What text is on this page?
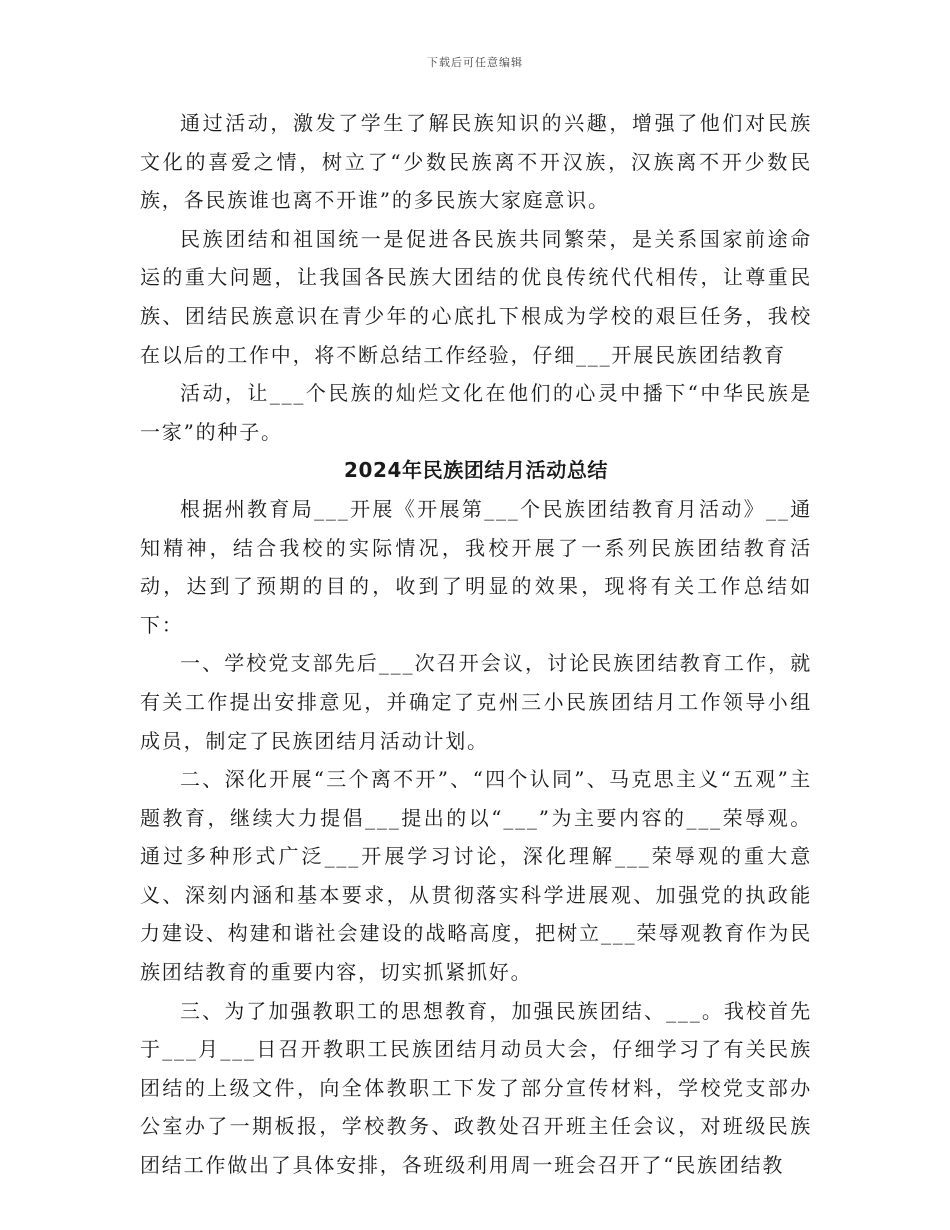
下载后可任意编辑

通过活动，激发了学生了解民族知识的兴趣，增强了他们对民族文化的喜爱之情，树立了“少数民族离不开汉族，汉族离不开少数民族，各民族谁也离不开谁”的多民族大家庭意识。

民族团结和祖国统一是促进各民族共同繁荣，是关系国家前途命运的重大问题，让我国各民族大团结的优良传统代代相传，让尊重民族、团结民族意识在青少年的心底扎下根成为学校的艰巨任务，我校在以后的工作中，将不断总结工作经验，仔细___开展民族团结教育

活动，让___个民族的灿烂文化在他们的心灵中播下“中华民族是一家”的种子。

2024年民族团结月活动总结

根据州教育局___开展《开展第___个民族团结教育月活动》__通知精神，结合我校的实际情况，我校开展了一系列民族团结教育活动，达到了预期的目的，收到了明显的效果，现将有关工作总结如下：

一、学校党支部先后___次召开会议，讨论民族团结教育工作，就有关工作提出安排意见，并确定了克州三小民族团结月工作领导小组成员，制定了民族团结月活动计划。

二、深化开展“三个离不开”、“四个认同”、马克思主义“五观”主题教育，继续大力提倡___提出的以“___”为主要内容的___荣辱观。通过多种形式广泛___开展学习讨论，深化理解___荣辱观的重大意义、深刻内涵和基本要求，从贯彻落实科学进展观、加强党的执政能力建设、构建和谐社会建设的战略高度，把树立___荣辱观教育作为民族团结教育的重要内容，切实抓紧抓好。

三、为了加强教职工的思想教育，加强民族团结、___。我校首先于___月___日召开教职工民族团结月动员大会，仔细学习了有关民族团结的上级文件，向全体教职工下发了部分宣传材料，学校党支部办公室办了一期板报，学校教务、政教处召开班主任会议，对班级民族团结工作做出了具体安排，各班级利用周一班会召开了“民族团结教
